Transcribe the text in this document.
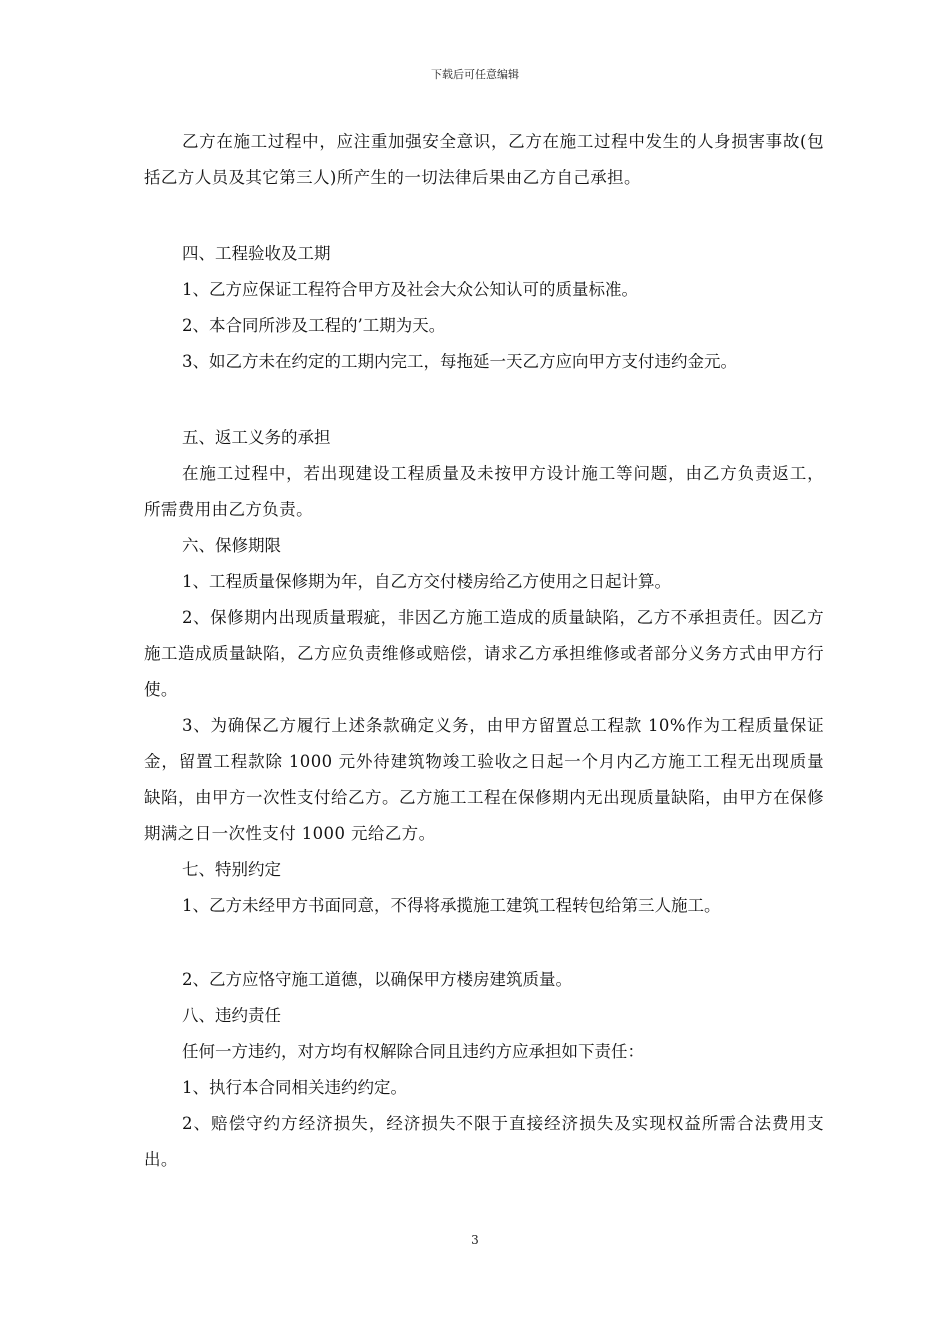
下载后可任意编辑

乙方在施工过程中，应注重加强安全意识，乙方在施工过程中发生的人身损害事故(包括乙方人员及其它第三人)所产生的一切法律后果由乙方自己承担。

四、工程验收及工期

1、乙方应保证工程符合甲方及社会大众公知认可的质量标准。

2、本合同所涉及工程的’工期为天。

3、如乙方未在约定的工期内完工，每拖延一天乙方应向甲方支付违约金元。

五、返工义务的承担

在施工过程中，若出现建设工程质量及未按甲方设计施工等问题，由乙方负责返工，所需费用由乙方负责。

六、保修期限

1、工程质量保修期为年，自乙方交付楼房给乙方使用之日起计算。

2、保修期内出现质量瑕疵，非因乙方施工造成的质量缺陷，乙方不承担责任。因乙方施工造成质量缺陷，乙方应负责维修或赔偿，请求乙方承担维修或者部分义务方式由甲方行使。

3、为确保乙方履行上述条款确定义务，由甲方留置总工程款 10%作为工程质量保证金，留置工程款除 1000 元外待建筑物竣工验收之日起一个月内乙方施工工程无出现质量缺陷，由甲方一次性支付给乙方。乙方施工工程在保修期内无出现质量缺陷，由甲方在保修期满之日一次性支付 1000 元给乙方。

七、特别约定

1、乙方未经甲方书面同意，不得将承揽施工建筑工程转包给第三人施工。

2、乙方应恪守施工道德，以确保甲方楼房建筑质量。

八、违约责任

任何一方违约，对方均有权解除合同且违约方应承担如下责任：

1、执行本合同相关违约约定。

2、赔偿守约方经济损失，经济损失不限于直接经济损失及实现权益所需合法费用支出。

3
